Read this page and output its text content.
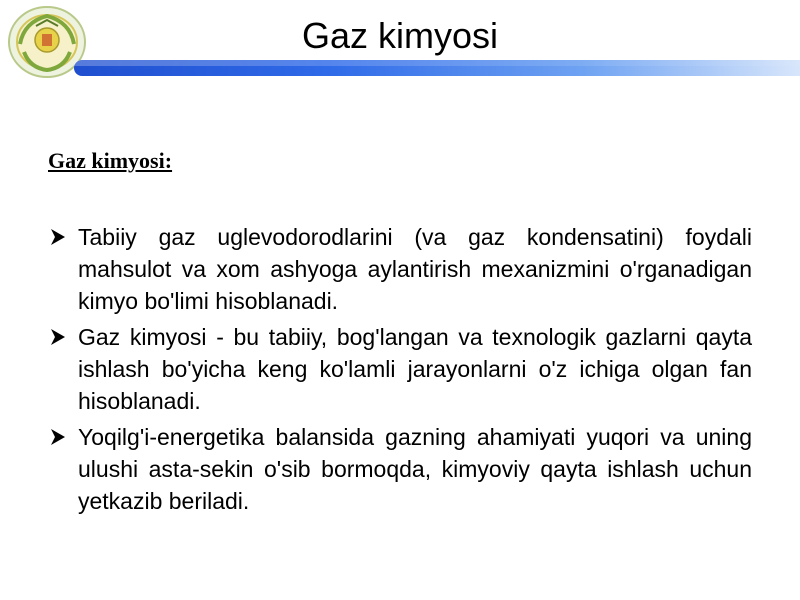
Gaz kimyosi
Gaz kimyosi:
Tabiiy gaz uglevodorodlarini (va gaz kondensatini) foydali mahsulot va xom ashyoga aylantirish mexanizmini o'rganadigan kimyo bo'limi hisoblanadi.
Gaz kimyosi - bu tabiiy, bog'langan va texnologik gazlarni qayta ishlash bo'yicha keng ko'lamli jarayonlarni o'z ichiga olgan fan hisoblanadi.
Yoqilg'i-energetika balansida gazning ahamiyati yuqori va uning ulushi asta-sekin o'sib bormoqda, kimyoviy qayta ishlash uchun yetkazib beriladi.
